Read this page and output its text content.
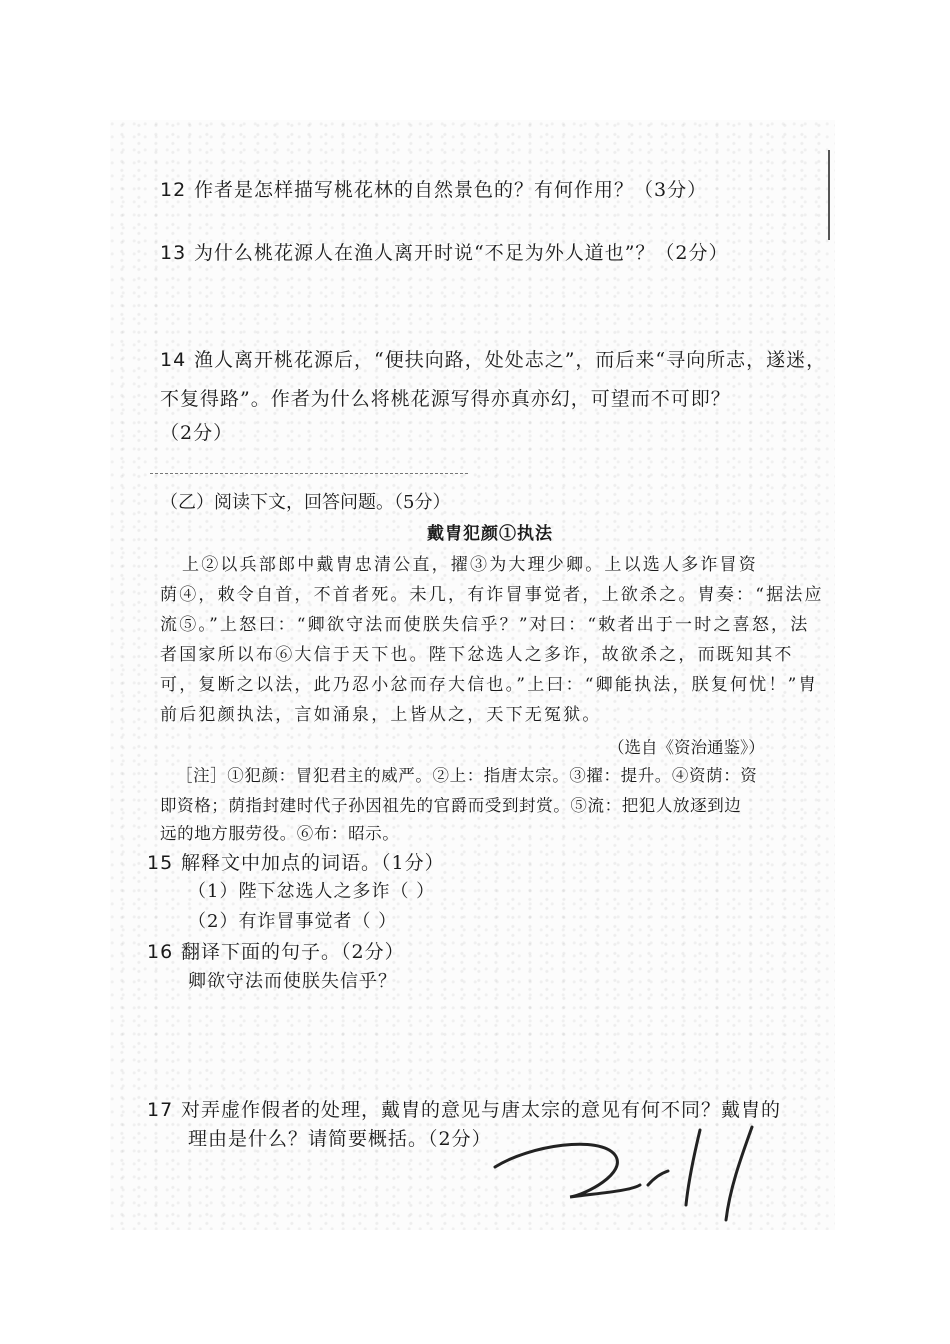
12 作者是怎样描写桃花林的自然景色的？有何作用？（3分）
13 为什么桃花源人在渔人离开时说“不足为外人道也”？（2分）
14 渔人离开桃花源后，“便扶向路，处处志之”，而后来“寻向所志，遂迷，
不复得路”。作者为什么将桃花源写得亦真亦幻，可望而不可即？
（2分）
（乙）阅读下文，回答问题。（5分）
戴胄犯颜①执法
上②以兵部郎中戴胄忠清公直，擢③为大理少卿。上以选人多诈冒资
荫④，敕令自首，不首者死。未几，有诈冒事觉者，上欲杀之。胄奏：“据法应
流⑤。”上怒曰：“卿欲守法而使朕失信乎？”对曰：“敕者出于一时之喜怒，法
者国家所以布⑥大信于天下也。陛下忿选人之多诈，故欲杀之，而既知其不
可，复断之以法，此乃忍小忿而存大信也。”上曰：“卿能执法，朕复何忧！”胄
前后犯颜执法，言如涌泉，上皆从之，天下无冤狱。
（选自《资治通鉴》）
［注］①犯颜：冒犯君主的威严。②上：指唐太宗。③擢：提升。④资荫：资
即资格；荫指封建时代子孙因祖先的官爵而受到封赏。⑤流：把犯人放逐到边
远的地方服劳役。⑥布：昭示。
15 解释文中加点的词语。（1分）
（1）陛下忿选人之多诈（ ）
（2）有诈冒事觉者（ ）
16 翻译下面的句子。（2分）
卿欲守法而使朕失信乎？
17 对弄虚作假者的处理，戴胄的意见与唐太宗的意见有何不同？戴胄的
理由是什么？请简要概括。（2分）
